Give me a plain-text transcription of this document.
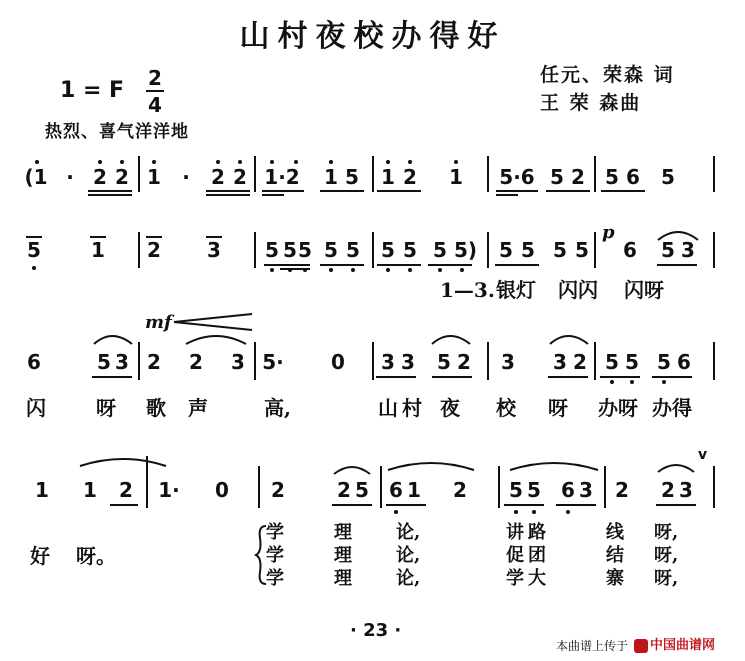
山村夜校办得好
任元、荣森 词
王 荣 森曲
1 = F 2
4
热烈、喜气洋洋地
(1 · 2 2 1 · 2 2 1·2 1 5 1 2 1 5·6 5 2 5 6 5
5	1 2 3 5 5 5 5 5 5 5 5 5) 5 5 5 5 6 5 3
p
1—3. 银灯 闪闪 闪呀
mf
6	5 3 2 2 3 5· 0 3 3 5 2 3 3 2 5 5 5 6
闪	呀 歌 声	高,	山村 夜 校 呀 办呀 办得
v
1 1 2 1· 0 2	2 5 6 1 2 5 5 6 3 2 2 3
好 呀。
学	理 论,	讲路	线 呀,
学	理 论,	促团	结 呀,
学	理 论,	学大	寨 呀,
· 23 ·
本曲谱上传于 中国曲谱网
